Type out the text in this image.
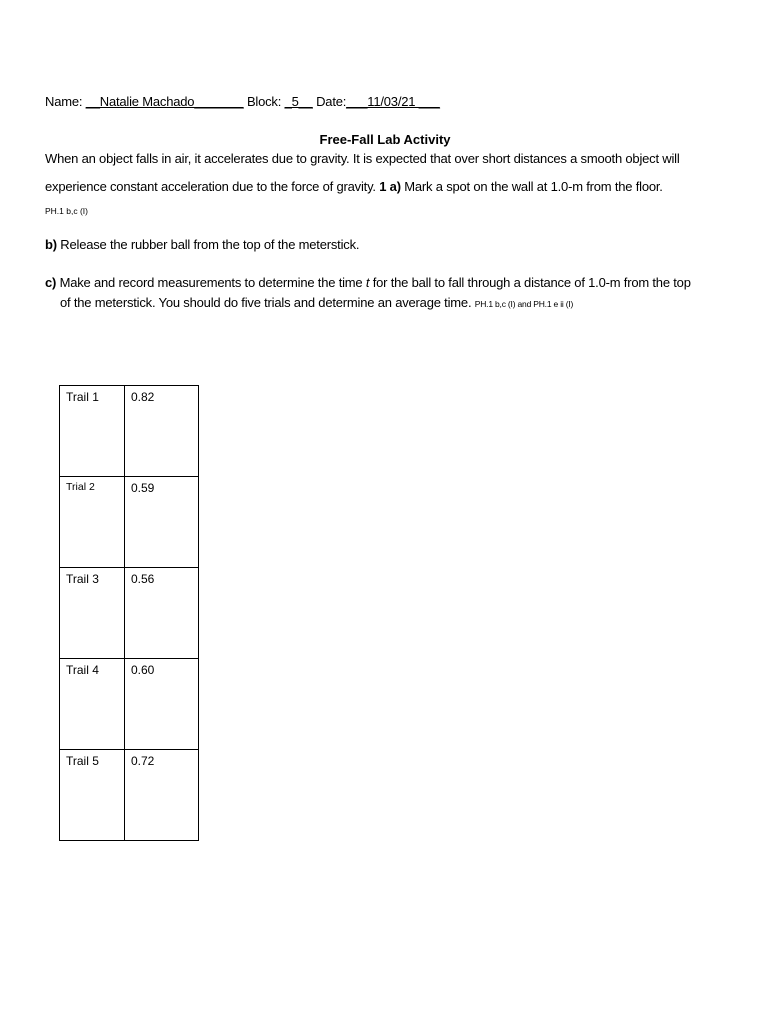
Name: __Natalie Machado_______ Block: _5__ Date:___11/03/21 ___
Free-Fall Lab Activity
When an object falls in air, it accelerates due to gravity. It is expected that over short distances a smooth object will
experience constant acceleration due to the force of gravity. 1 a) Mark a spot on the wall at 1.0-m from the floor.
PH.1 b,c (I)
b) Release the rubber ball from the top of the meterstick.
c) Make and record measurements to determine the time t for the ball to fall through a distance of 1.0-m from the top
of the meterstick. You should do five trials and determine an average time. PH.1 b,c (I) and PH.1 e ii (I)
Trail 1	0.82
Trial 2	0.59
Trail 3	0.56
Trail 4	0.60
Trail 5	0.72
